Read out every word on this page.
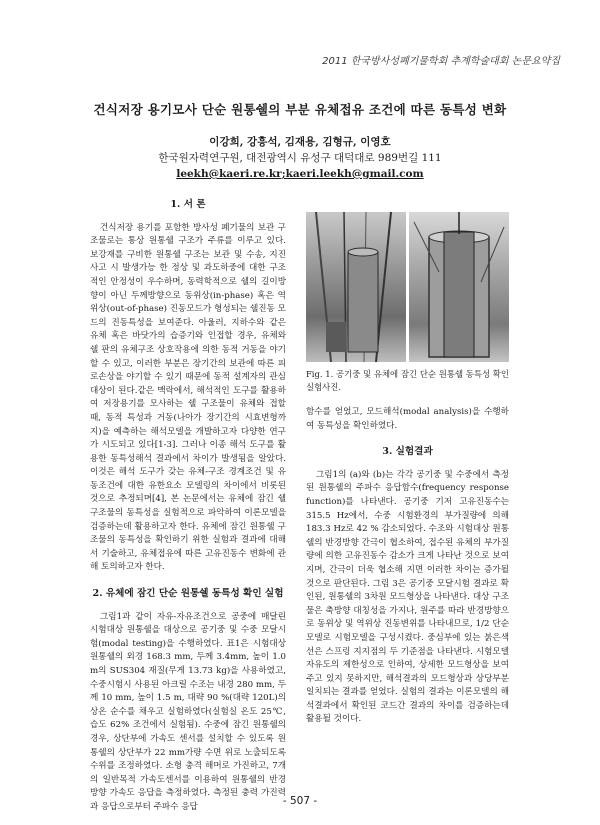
2011 한국방사성폐기물학회 추계학술대회 논문요약집
건식저장 용기모사 단순 원통쉘의 부분 유체접유 조건에 따른 동특성 변화
이강희, 강흥석, 김재용, 김형규, 이영호
한국원자력연구원, 대전광역시 유성구 대덕대로 989번길 111
leekh@kaeri.re.kr;kaeri.leekh@gmail.com
1. 서 론

건식저장 용기를 포함한 방사성 폐기물의 보관 구조물로는 통상 원통쉘 구조가 주류를 이루고 있다. 보강재를 구비한 원통쉘 구조는 보관 및 수송, 지진사고 시 발생가능 한 정상 및 과도하중에 대한 구조적인 안정성이 우수하며, 동력학적으로 쉘의 길이방향이 아닌 두께방향으로 동위상(in-phase) 혹은 역위상(out-of-phase) 진동모드가 형성되는 쉘진동 모드의 진동특성을 보여준다. 아울러, 지하수와 같은 유체 혹은 바닷가의 습증기와 인접할 경우, 유체와 쉘 판의 유체구조 상호작용에 의한 동적 거동을 야기할 수 있고, 이러한 부분은 장기간의 보관에 따른 피로손상을 야기할 수 있기 때문에 동적 설계자의 관심대상이 된다.같은 맥락에서, 해석적인 도구를 활용하여 저장용기를 모사하는 쉘 구조물이 유체와 접할 때, 동적 특성과 거동(나아가 장기간의 시효변형까지)을 예측하는 해석모델을 개발하고자 다양한 연구가 시도되고 있다[1-3]. 그러나 이종 해석 도구를 활용한 동특성해석 결과에서 차이가 발생됨을 알았다. 이것은 해석 도구가 갖는 유체-구조 경계조건 및 유동조건에 대한 유한요소 모델링의 차이에서 비롯된 것으로 추정되며[4], 본 논문에서는 유체에 잠긴 쉘 구조물의 동특성을 실험적으로 파악하여 이론모델을 검증하는데 활용하고자 한다. 유체에 잠긴 원통쉘 구조물의 동특성을 확인하기 위한 실험과 결과에 대해서 기술하고, 유체접유에 따른 고유진동수 변화에 관해 토의하고자 한다.

2. 유체에 잠긴 단순 원통쉘 동특성 확인 실험

그림1과 같이 자유-자유조건으로 공중에 매달린 시험대상 원통쉘을 대상으로 공기중 및 수중 모달시험(modal testing)을 수행하였다. 표1은 시험대상 원통쉘의 외경 168.3 mm, 두께 3.4mm, 높이 1.0 m의 SUS304 재질(무게 13.73 kg)을 사용하였고, 수중시험시 사용된 아크릴 수조는 내경 280 mm, 두께 10 mm, 높이 1.5 m, 대략 90 %(대략 120L)의 상온 순수를 채우고 실험하였다(실험실 온도 25℃, 습도 62% 조건에서 실험됨). 수중에 잠긴 원통쉘의 경우, 상단부에 가속도 센서를 설치할 수 있도록 원통쉘의 상단부가 22 mm가량 수면 위로 노출되도록 수위를 조정하였다. 소형 충격 해머로 가진하고, 7개의 일반목적 가속도센서를 이용하여 원통쉘의 반경방향 가속도 응답을 측정하였다. 측정된 충력 가진력과 응답으로부터 주파수 응답

Fig. 1. 공기중 및 유체에 잠긴 단순 원통쉘 동특성 확인 실험사진.

함수를 얻었고, 모드해석(modal analysis)을 수행하여 동특성을 확인하였다.

3. 실험결과

그림1의 (a)와 (b)는 각각 공기중 및 수중에서 측정된 원통쉘의 주파수 응답함수(frequency response function)를 나타낸다. 공기중 기저 고유진동수는 315.5 Hz에서, 수중 시험환경의 부가질량에 의해 183.3 Hz로 42 % 감소되었다. 수조와 시험대상 원통쉘의 반경방향 간극이 협소하여, 접수된 유체의 부가질량에 의한 고유진동수 감소가 크게 나타난 것으로 보여지며, 간극이 더욱 협소해 지면 이러한 차이는 증가될 것으로 판단된다. 그림 3은 공기중 모달시험 결과로 확인된, 원통쉘의 3차원 모드형상을 나타낸다. 대상 구조물은 축방향 대칭성을 가지나, 원주를 따라 반경방향으로 동위상 및 역위상 진동변위를 나타내므로, 1/2 단순모델로 시험모델을 구성시켰다. 중심부에 있는 붉은색 선은 스프링 지지점의 두 기준점을 나타낸다. 시험모델자유도의 제한성으로 인하여, 상세한 모드형상을 보여주고 있지 못하지만, 해석결과의 모드형상과 상당부분 일치되는 결과를 얻었다. 실험의 결과는 이론모델의 해석결과에서 확인된 코드간 결과의 차이를 검증하는데 활용될 것이다.

- 507 -
